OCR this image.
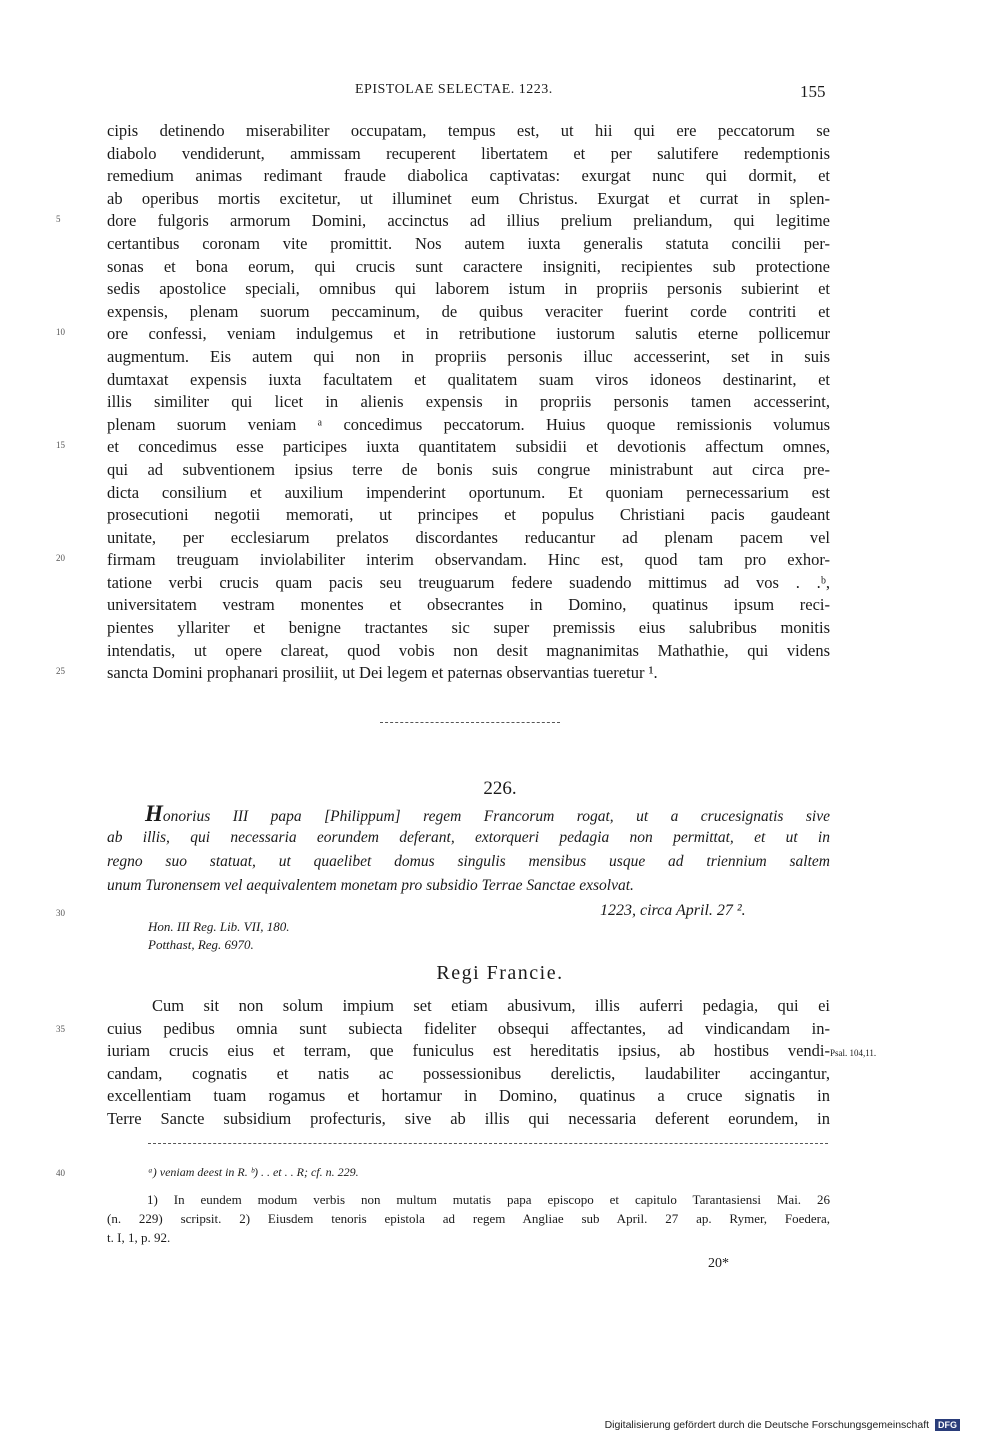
EPISTOLAE SELECTAE. 1223.	155
cipis detinendo miserabiliter occupatam, tempus est, ut hii qui ere peccatorum se
diabolo vendiderunt, ammissam recuperent libertatem et per salutifere redemptionis
remedium animas redimant fraude diabolica captivatas: exurgat nunc qui dormit, et
ab operibus mortis excitetur, ut illuminet eum Christus. Exurgat et currat in splen-
dore fulgoris armorum Domini, accinctus ad illius prelium preliandum, qui legitime
certantibus coronam vite promittit. Nos autem iuxta generalis statuta concilii per-
sonas et bona eorum, qui crucis sunt caractere insigniti, recipientes sub protectione
sedis apostolice speciali, omnibus qui laborem istum in propriis personis subierint et
expensis, plenam suorum peccaminum, de quibus veraciter fuerint corde contriti et
ore confessi, veniam indulgemus et in retributione iustorum salutis eterne pollicemur
augmentum. Eis autem qui non in propriis personis illuc accesserint, set in suis
dumtaxat expensis iuxta facultatem et qualitatem suam viros idoneos destinarint, et
illis similiter qui licet in alienis expensis in propriis personis tamen accesserint,
plenam suorum veniam ᵃ concedimus peccatorum. Huius quoque remissionis volumus
et concedimus esse participes iuxta quantitatem subsidii et devotionis affectum omnes,
qui ad subventionem ipsius terre de bonis suis congrue ministrabunt aut circa pre-
dicta consilium et auxilium impenderint oportunum. Et quoniam pernecessarium est
prosecutioni negotii memorati, ut principes et populus Christiani pacis gaudeant
unitate, per ecclesiarum prelatos discordantes reducantur ad plenam pacem vel
firmam treuguam inviolabiliter interim observandam. Hinc est, quod tam pro exhor-
tatione verbi crucis quam pacis seu treuguarum federe suadendo mittimus ad vos . .ᵇ,
universitatem vestram monentes et obsecrantes in Domino, quatinus ipsum reci-
pientes yllariter et benigne tractantes sic super premissis eius salubribus monitis
intendatis, ut opere clareat, quod vobis non desit magnanimitas Mathathie, qui videns
sancta Domini prophanari prosiliit, ut Dei legem et paternas observantias tueretur ¹.
5
10
15
20
25
226.
Honorius III papa [Philippum] regem Francorum rogat, ut a crucesignatis sive
ab illis, qui necessaria eorundem deferant, extorqueri pedagia non permittat, et ut in
regno suo statuat, ut quaelibet domus singulis mensibus usque ad triennium saltem
unum Turonensem vel aequivalentem monetam pro subsidio Terrae Sanctae exsolvat.
30	1223, circa April. 27 ².
Hon. III Reg. Lib. VII, 180.
Potthast, Reg. 6970.
Regi Francie.
Cum sit non solum impium set etiam abusivum, illis auferri pedagia, qui ei
cuius pedibus omnia sunt subiecta fideliter obsequi affectantes, ad vindicandam in-
iuriam crucis eius et terram, que funiculus est hereditatis ipsius, ab hostibus vendi-
candam, cognatis et natis ac possessionibus derelictis, laudabiliter accingantur,
excellentiam tuam rogamus et hortamur in Domino, quatinus a cruce signatis in
Terre Sancte subsidium profecturis, sive ab illis qui necessaria deferent eorundem, in
35
Psal. 104,11.
40	ᵃ) veniam deest in R. ᵇ) . . et . . R; cf. n. 229.
1) In eundem modum verbis non multum mutatis papa episcopo et capitulo Tarantasiensi Mai. 26
(n. 229) scripsit. 2) Eiusdem tenoris epistola ad regem Angliae sub April. 27 ap. Rymer, Foedera,
t. I, 1, p. 92.
20*
Digitalisierung gefördert durch die Deutsche Forschungsgemeinschaft DFG
